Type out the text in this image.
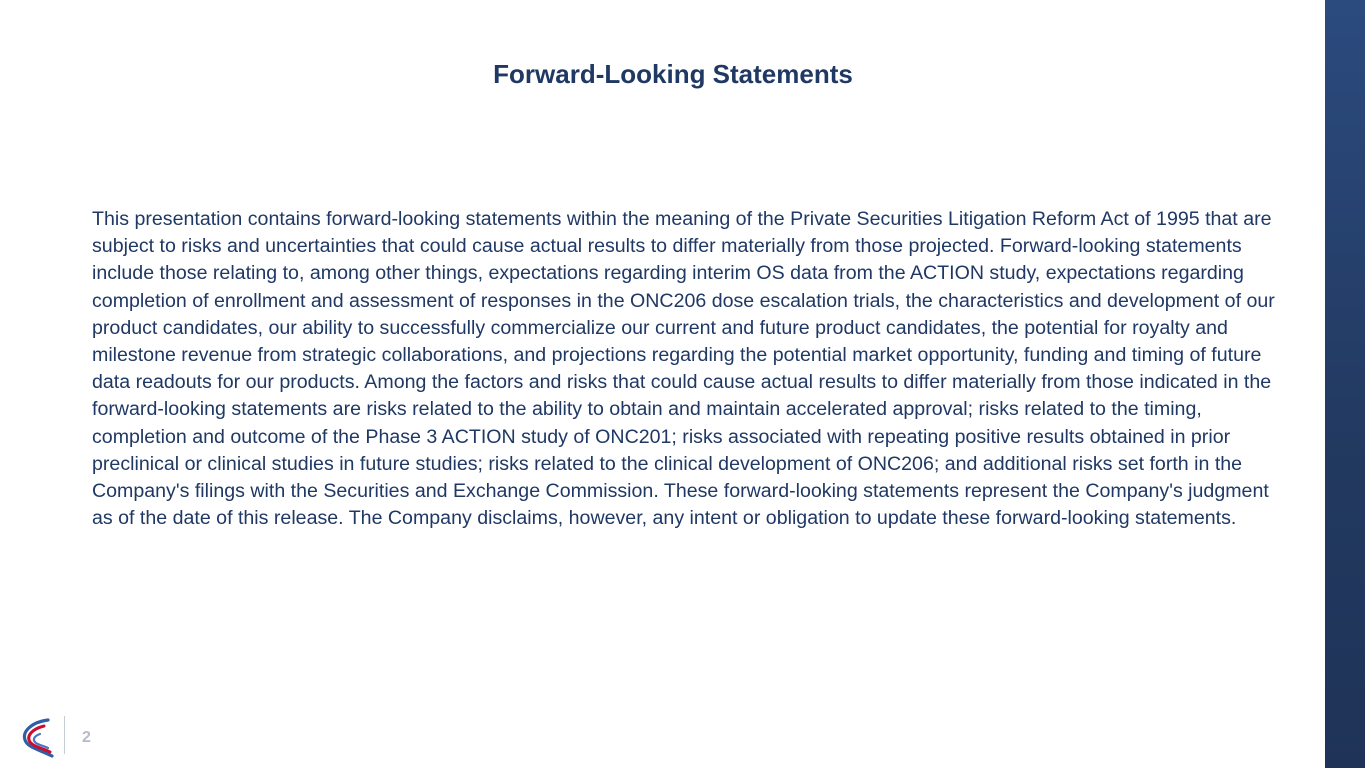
Forward-Looking Statements

This presentation contains forward-looking statements within the meaning of the Private Securities Litigation Reform Act of 1995 that are subject to risks and uncertainties that could cause actual results to differ materially from those projected. Forward-looking statements include those relating to, among other things, expectations regarding interim OS data from the ACTION study, expectations regarding completion of enrollment and assessment of responses in the ONC206 dose escalation trials, the characteristics and development of our product candidates, our ability to successfully commercialize our current and future product candidates, the potential for royalty and milestone revenue from strategic collaborations, and projections regarding the potential market opportunity, funding and timing of future data readouts for our products. Among the factors and risks that could cause actual results to differ materially from those indicated in the forward-looking statements are risks related to the ability to obtain and maintain accelerated approval; risks related to the timing, completion and outcome of the Phase 3 ACTION study of ONC201; risks associated with repeating positive results obtained in prior preclinical or clinical studies in future studies; risks related to the clinical development of ONC206; and additional risks set forth in the Company's filings with the Securities and Exchange Commission. These forward-looking statements represent the Company's judgment as of the date of this release. The Company disclaims, however, any intent or obligation to update these forward-looking statements.

2
